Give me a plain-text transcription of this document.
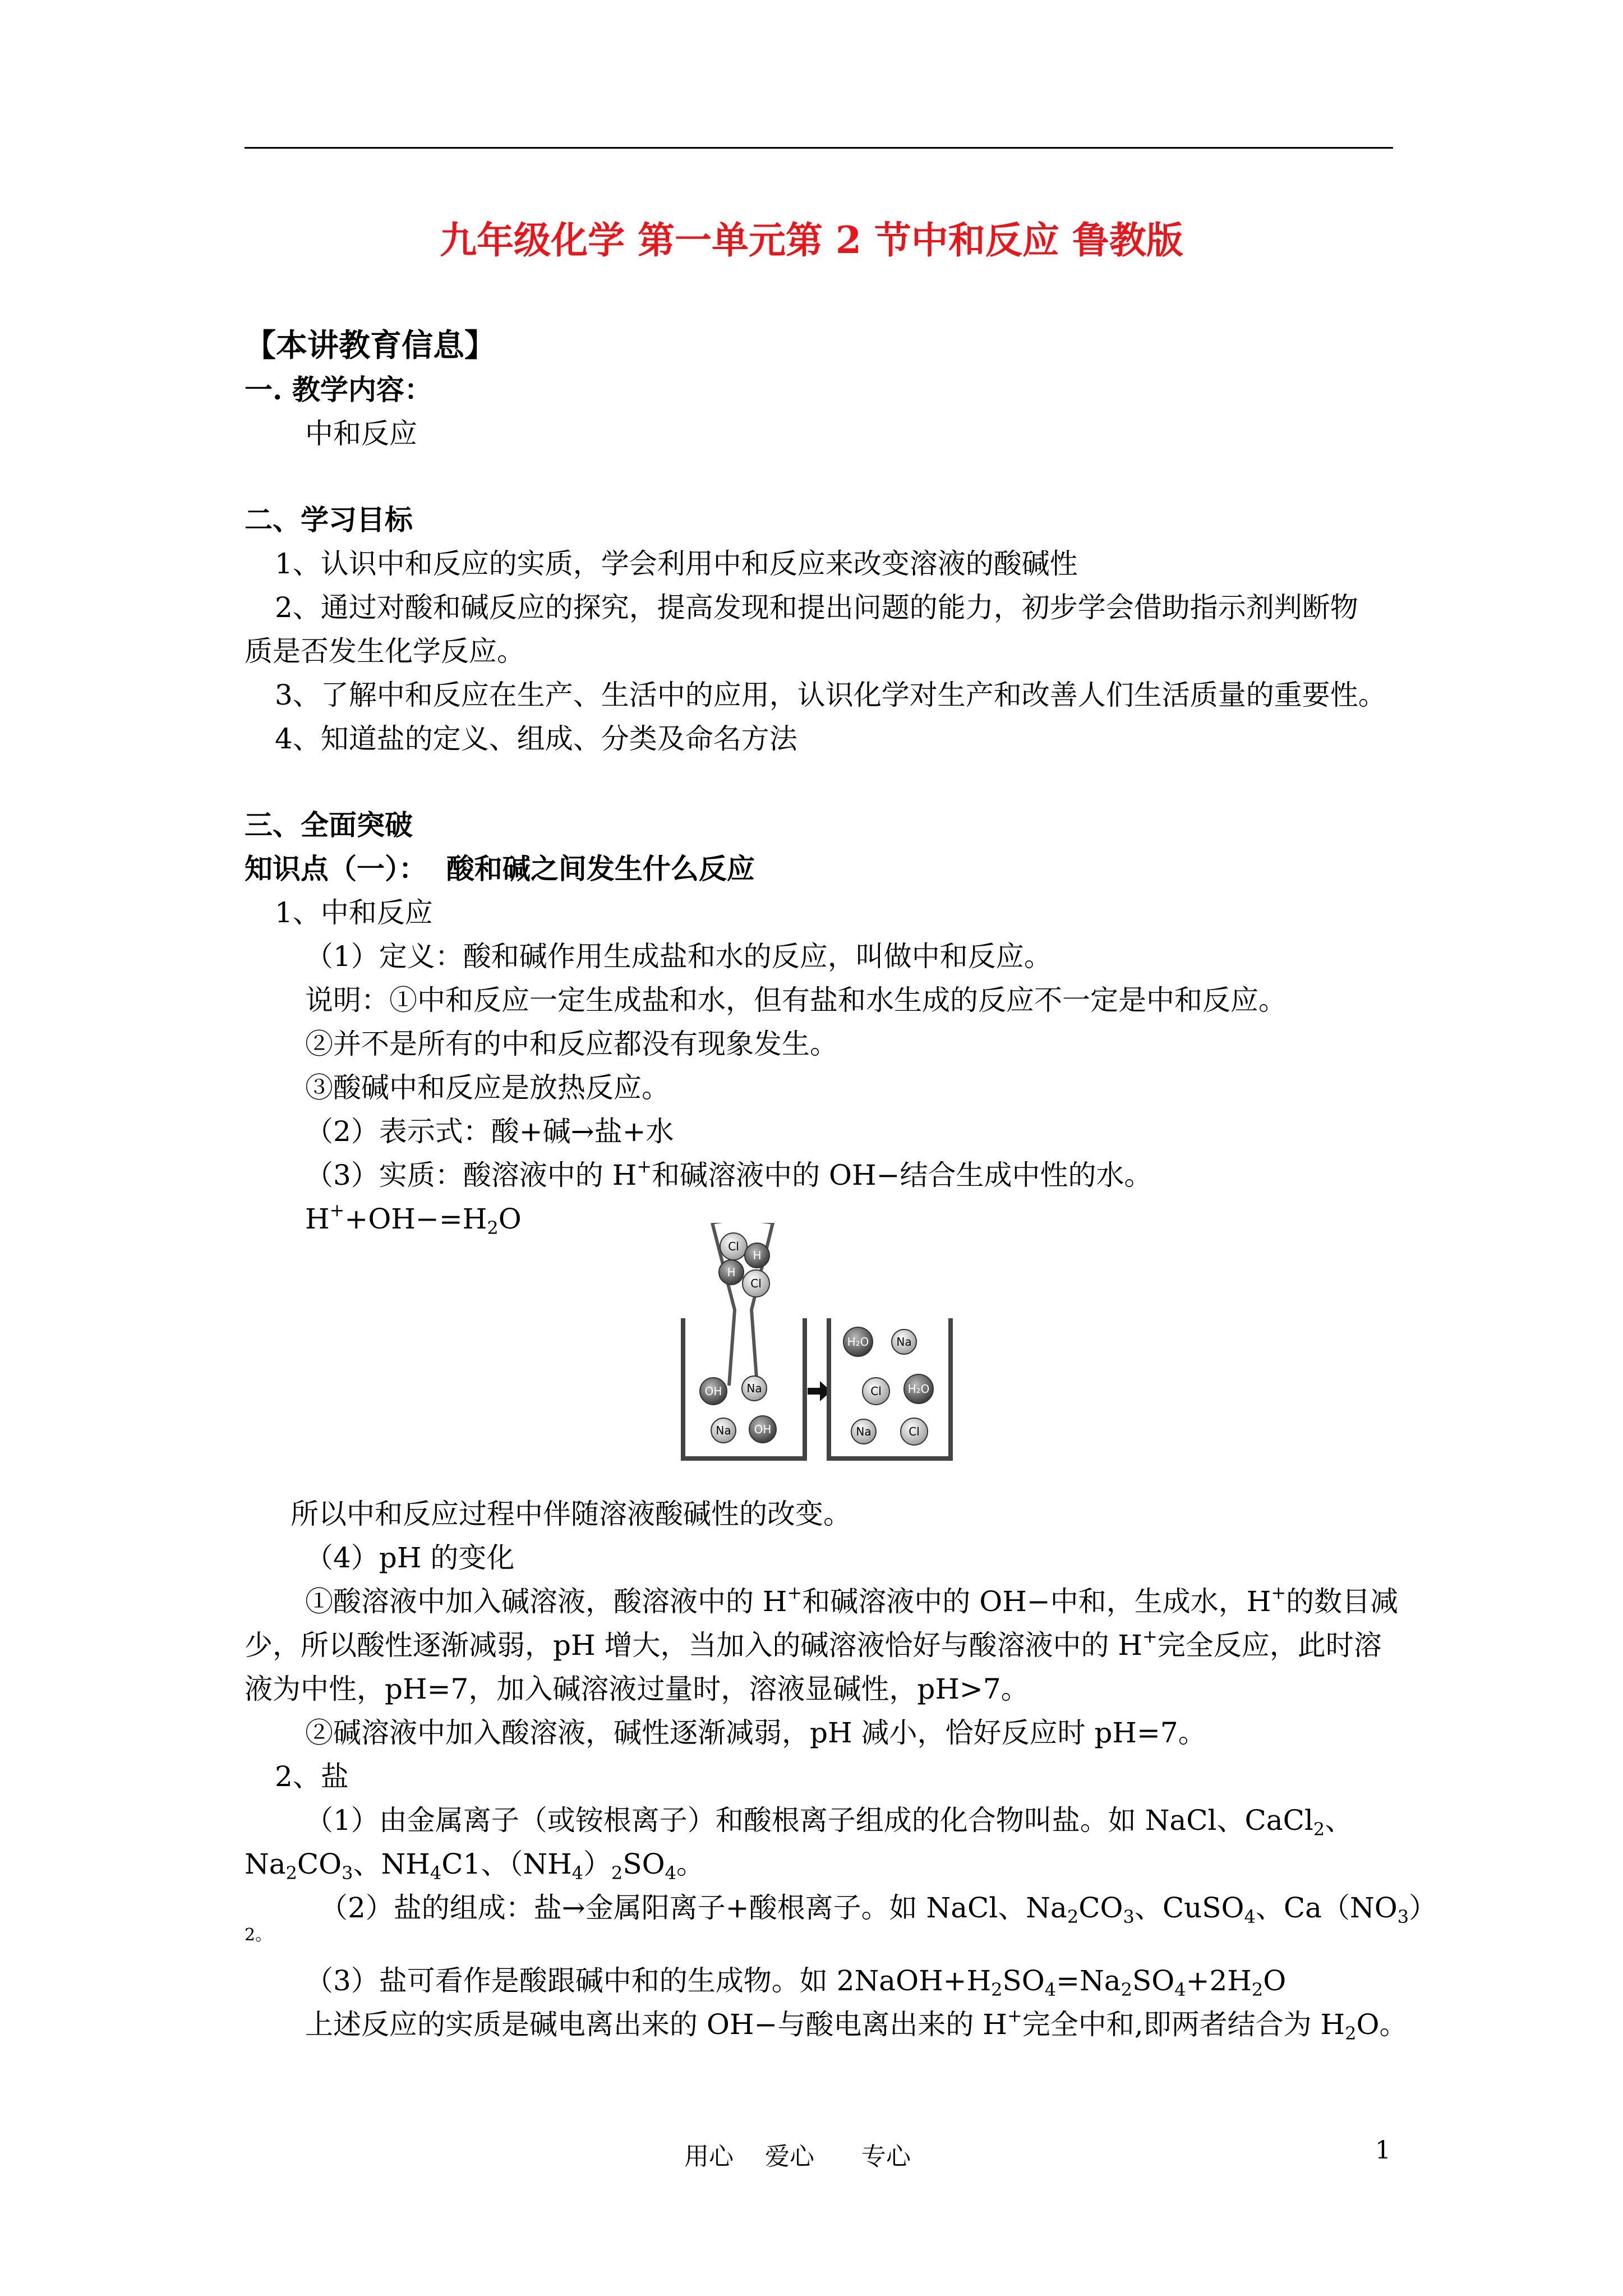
九年级化学 第一单元第 2 节中和反应 鲁教版
【本讲教育信息】
一. 教学内容：
中和反应
二、学习目标
1、认识中和反应的实质，学会利用中和反应来改变溶液的酸碱性
2、通过对酸和碱反应的探究，提高发现和提出问题的能力，初步学会借助指示剂判断物
质是否发生化学反应。
3、了解中和反应在生产、生活中的应用，认识化学对生产和改善人们生活质量的重要性。
4、知道盐的定义、组成、分类及命名方法
三、全面突破
知识点（一）： 酸和碱之间发生什么反应
1、中和反应
（1）定义：酸和碱作用生成盐和水的反应，叫做中和反应。
说明：①中和反应一定生成盐和水，但有盐和水生成的反应不一定是中和反应。
②并不是所有的中和反应都没有现象发生。
③酸碱中和反应是放热反应。
（2）表示式：酸+碱→盐+水
（3）实质：酸溶液中的 H+和碱溶液中的 OH−结合生成中性的水。
$H^++OH-=H_2O$
Cl
H
H
Cl
OH Na
Na OH
H₂O Na
Cl H₂O
Na	Cl
所以中和反应过程中伴随溶液酸碱性的改变。
（4）pH 的变化
①酸溶液中加入碱溶液，酸溶液中的 H+和碱溶液中的 OH−中和，生成水，H+的数目减
少，所以酸性逐渐减弱，pH 增大，当加入的碱溶液恰好与酸溶液中的 H+完全反应，此时溶
液为中性，pH=7，加入碱溶液过量时，溶液显碱性，pH>7。
②碱溶液中加入酸溶液，碱性逐渐减弱，pH 减小，恰好反应时 pH=7。
2、盐
（1）由金属离子（或铵根离子）和酸根离子组成的化合物叫盐。如 NaCl、CaCl$_2$、
$Na_2CO_3$、$NH_4C1$、$(NH_4)_2SO_4$。
（2）盐的组成：盐→金属阳离子+酸根离子。如 NaCl、$Na_2CO_3$、CuSO$_4$、$Ca(NO_3)$
2。
（3）盐可看作是酸跟碱中和的生成物。如 $2NaOH+H_2SO_4=Na_2SO_4+2H_2O$
上述反应的实质是碱电离出来的 OH−与酸电离出来的 H+完全中和,即两者结合为 $H_2O$。
用心    爱心      专心	1
